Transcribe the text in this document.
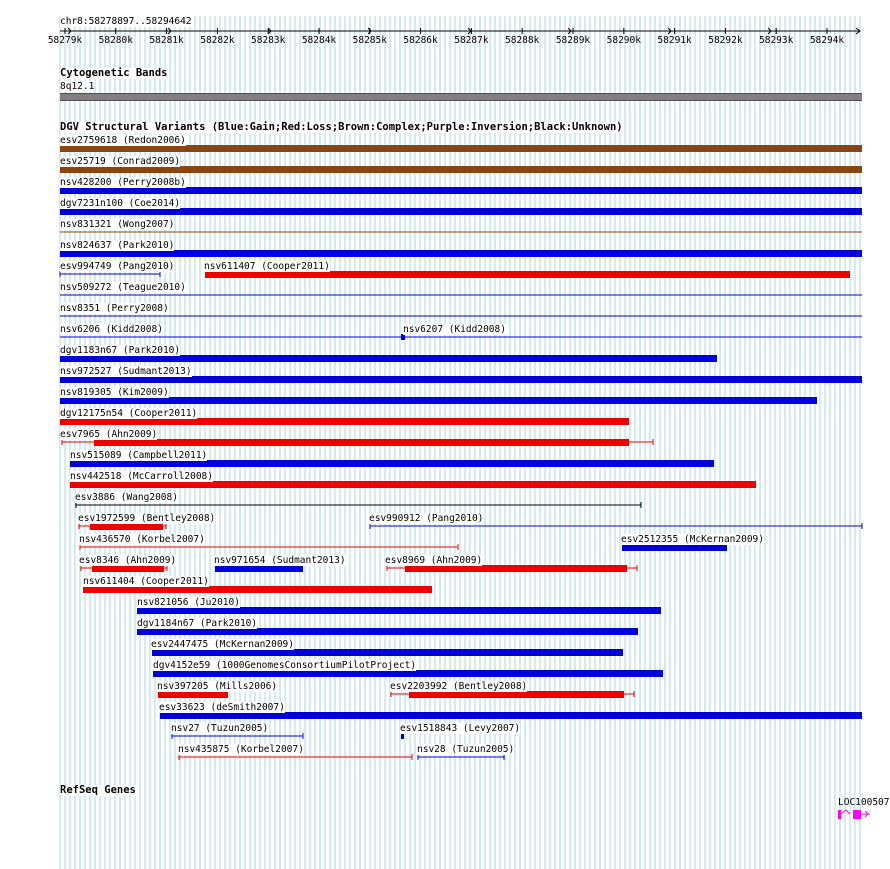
chr8:58278897..58294642
58279k 58280k 58281k 58282k 58283k 58284k 58285k 58286k 58287k 58288k 58289k 58290k 58291k 58292k 58293k 58294k
Cytogenetic Bands
8q12.1
DGV Structural Variants (Blue:Gain;Red:Loss;Brown:Complex;Purple:Inversion;Black:Unknown)
esv2759618 (Redon2006)
esv25719 (Conrad2009)
nsv428200 (Perry2008b)
dgv7231n100 (Coe2014)
nsv831321 (Wong2007)
nsv824637 (Park2010)
esv994749 (Pang2010)	nsv611407 (Cooper2011)
nsv509272 (Teague2010)
nsv8351 (Perry2008)
nsv6206 (Kidd2008)	nsv6207 (Kidd2008)
dgv1183n67 (Park2010)
nsv972527 (Sudmant2013)
nsv819305 (Kim2009)
dgv12175n54 (Cooper2011)
esv7965 (Ahn2009)
nsv515089 (Campbell2011)
nsv442518 (McCarroll2008)
esv3886 (Wang2008)
esv1972599 (Bentley2008)	esv990912 (Pang2010)
nsv436570 (Korbel2007)	esv2512355 (McKernan2009)
esv8346 (Ahn2009)	nsv971654 (Sudmant2013)	esv8969 (Ahn2009)
nsv611404 (Cooper2011)
nsv821056 (Ju2010)
dgv1184n67 (Park2010)
esv2447475 (McKernan2009)
dgv4152e59 (1000GenomesConsortiumPilotProject)
nsv397205 (Mills2006)	esv2203992 (Bentley2008)
esv33623 (deSmith2007)
nsv27 (Tuzun2005)	esv1518843 (Levy2007)
nsv435875 (Korbel2007)	nsv28 (Tuzun2005)
RefSeq Genes
LOC100507
